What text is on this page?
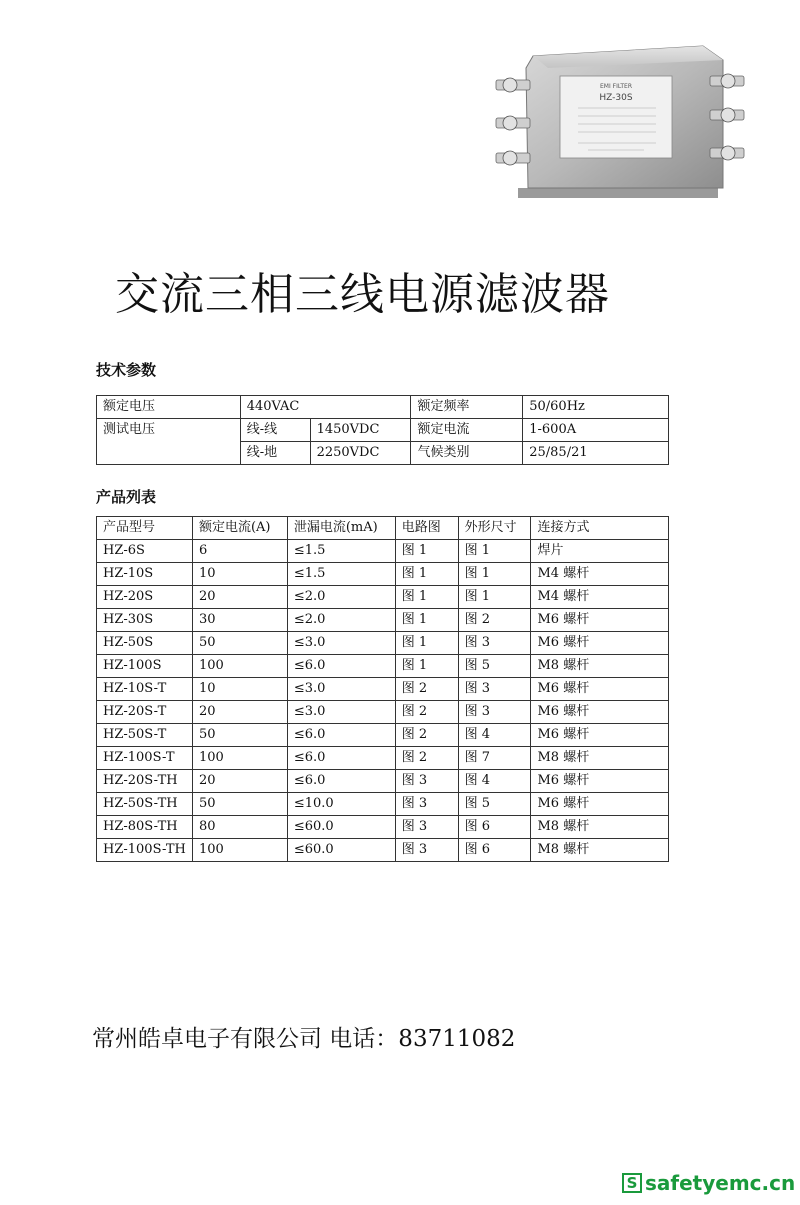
EMI FILTER
HZ-30S
交流三相三线电源滤波器
技术参数
额定电压	440VAC		额定频率	50/60Hz
测试电压	线-线	1450VDC	额定电流	1-600A
	线-地	2250VDC	气候类别	25/85/21
产品列表
产品型号	额定电流(A)	泄漏电流(mA)	电路图	外形尺寸	连接方式
HZ-6S	6	≤1.5	图 1	图 1	焊片
HZ-10S	10	≤1.5	图 1	图 1	M4 螺杆
HZ-20S	20	≤2.0	图 1	图 1	M4 螺杆
HZ-30S	30	≤2.0	图 1	图 2	M6 螺杆
HZ-50S	50	≤3.0	图 1	图 3	M6 螺杆
HZ-100S	100	≤6.0	图 1	图 5	M8 螺杆
HZ-10S-T	10	≤3.0	图 2	图 3	M6 螺杆
HZ-20S-T	20	≤3.0	图 2	图 3	M6 螺杆
HZ-50S-T	50	≤6.0	图 2	图 4	M6 螺杆
HZ-100S-T	100	≤6.0	图 2	图 7	M8 螺杆
HZ-20S-TH	20	≤6.0	图 3	图 4	M6 螺杆
HZ-50S-TH	50	≤10.0	图 3	图 5	M6 螺杆
HZ-80S-TH	80	≤60.0	图 3	图 6	M8 螺杆
HZ-100S-TH	100	≤60.0	图 3	图 6	M8 螺杆
常州皓卓电子有限公司 电话：83711082
S safetyemc.cn
